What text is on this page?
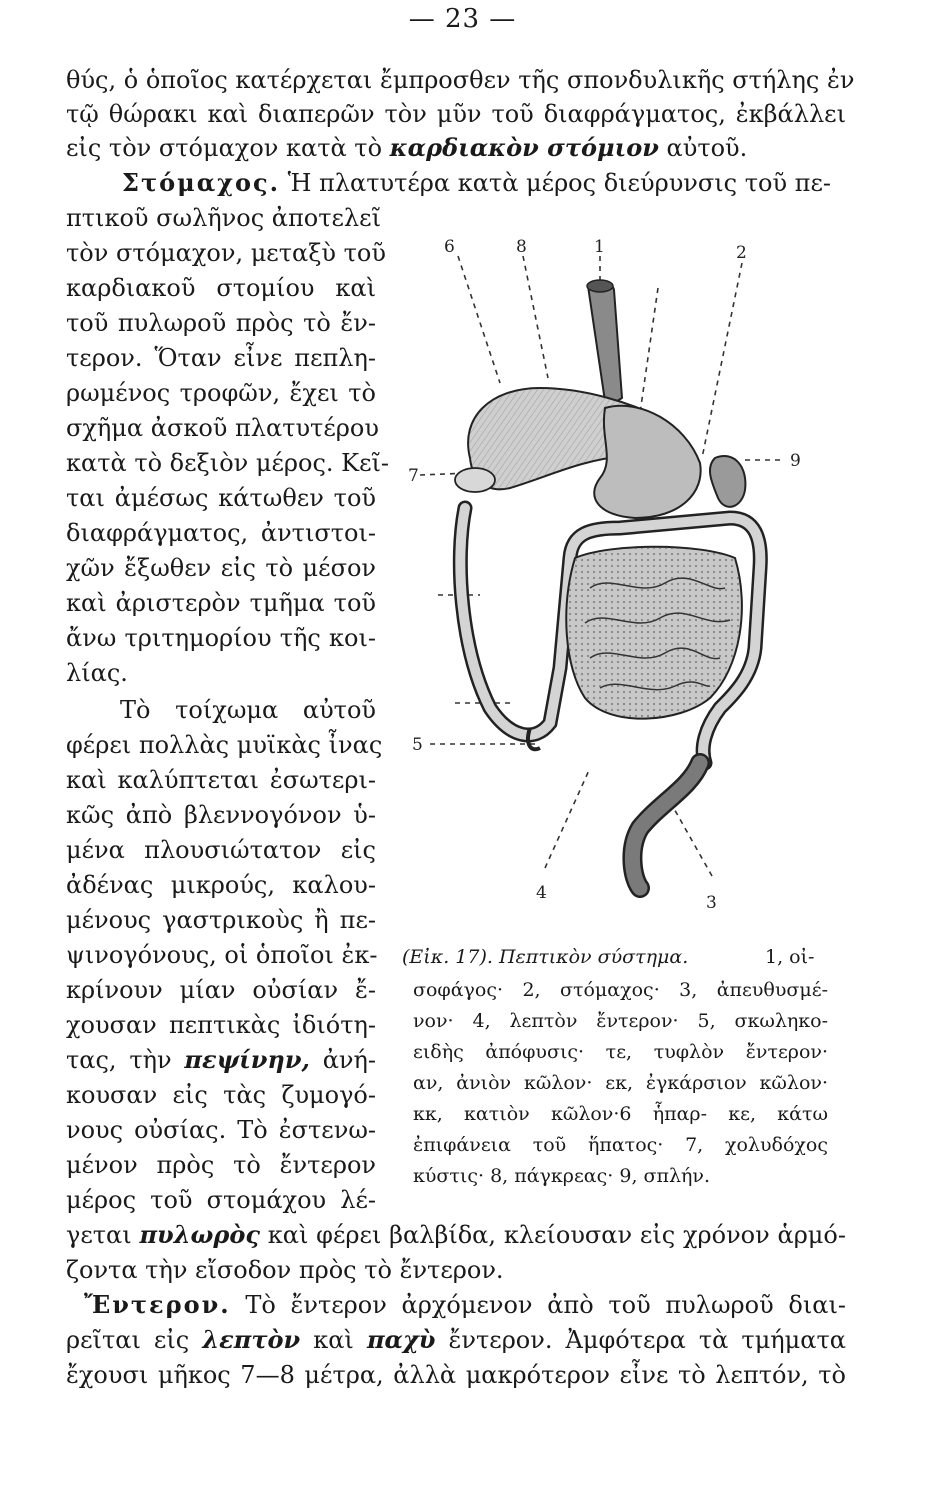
— 23 —
θύς, ὁ ὁποῖος κατέρχεται ἔμπροσθεν τῆς σπονδυλικῆς στήλης ἐν
τῷ θώρακι καὶ διαπερῶν τὸν μῦν τοῦ διαφράγματος, ἐκβάλλει
εἰς τὸν στόμαχον κατὰ τὸ καρδιακὸν στόμιον αὐτοῦ.
Στόμαχος. Ἡ πλατυτέρα κατὰ μέρος διεύρυνσις τοῦ πε-
πτικοῦ σωλῆνος ἀποτελεῖ
τὸν στόμαχον, μεταξὺ τοῦ
καρδιακοῦ στομίου καὶ
τοῦ πυλωροῦ πρὸς τὸ ἔν-
τερον. Ὅταν εἶνε πεπλη-
ρωμένος τροφῶν, ἔχει τὸ
σχῆμα ἀσκοῦ πλατυτέρου
κατὰ τὸ δεξιὸν μέρος. Κεῖ-
ται ἀμέσως κάτωθεν τοῦ
διαφράγματος, ἀντιστοι-
χῶν ἔξωθεν εἰς τὸ μέσον
καὶ ἀριστερὸν τμῆμα τοῦ
ἄνω τριτημορίου τῆς κοι-
λίας.
Τὸ τοίχωμα αὐτοῦ
φέρει πολλὰς μυϊκὰς ἶνας
καὶ καλύπτεται ἐσωτερι-
κῶς ἀπὸ βλεννογόνον ὑ-
μένα πλουσιώτατον εἰς
ἀδένας μικρούς, καλου-
μένους γαστρικοὺς ἢ πε-
ψινογόνους, οἱ ὁποῖοι ἐκ-
κρίνουν μίαν οὐσίαν ἔ-
χουσαν πεπτικὰς ἰδιότη-
τας, τὴν πεψίνην, ἀνή-
κουσαν εἰς τὰς ζυμογό-
νους οὐσίας. Τὸ ἐστενω-
μένον πρὸς τὸ ἔντερον
μέρος τοῦ στομάχου λέ-
γεται πυλωρὸς καὶ φέρει βαλβίδα, κλείουσαν εἰς χρόνον ἁρμό-
ζοντα τὴν εἴσοδον πρὸς τὸ ἔντερον.
Ἔντερον. Τὸ ἔντερον ἀρχόμενον ἀπὸ τοῦ πυλωροῦ διαι-
ρεῖται εἰς λεπτὸν καὶ παχὺ ἔντερον. Ἀμφότερα τὰ τμήματα
ἔχουσι μῆκος 7—8 μέτρα, ἀλλὰ μακρότερον εἶνε τὸ λεπτόν, τὸ
6	8	1	2
7
9
5
4	3
(Εἰκ. 17). Πεπτικὸν σύστημα.	1, οἰ-
σοφάγος· 2, στόμαχος· 3, ἀπευθυσμέ-
νον· 4, λεπτὸν ἔντερον· 5, σκωληκο-
ειδὴς ἀπόφυσις· τε, τυφλὸν ἔντερον·
αν, ἀνιὸν κῶλον· εκ, ἐγκάρσιον κῶλον·
κκ, κατιὸν κῶλον·6 ἧπαρ- κε, κάτω
ἐπιφάνεια τοῦ ἥπατος· 7, χολυδόχος
κύστις· 8, πάγκρεας· 9, σπλήν.
